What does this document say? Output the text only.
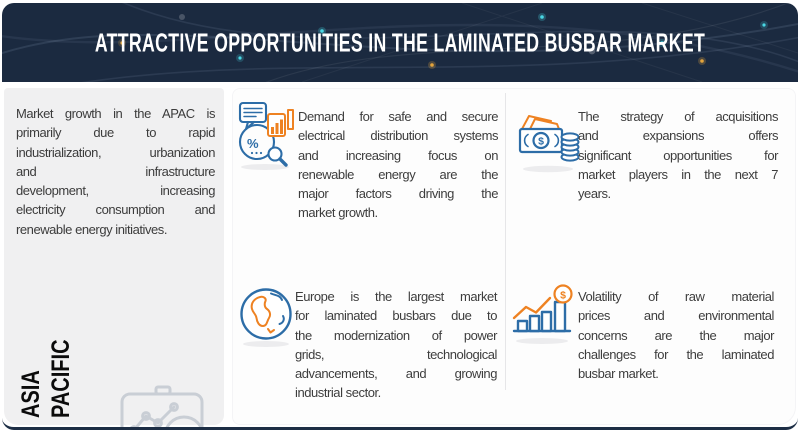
ATTRACTIVE OPPORTUNITIES IN THE LAMINATED BUSBAR MARKET
Market growth in the APAC is
primarily due to rapid
industrialization, urbanization
and infrastructure
development, increasing
electricity consumption and
renewable energy initiatives.
ASIA PACIFIC
%
Demand for safe and secure
electrical distribution systems
and increasing focus on
renewable energy are the
major factors driving the
market growth.
$
The strategy of acquisitions
and expansions offers
significant opportunities for
market players in the next 7
years.
Europe is the largest market
for laminated busbars due to
the modernization of power
grids, technological
advancements, and growing
industrial sector.
$ Volatility of raw material
prices and environmental
concerns are the major
challenges for the laminated
busbar market.
